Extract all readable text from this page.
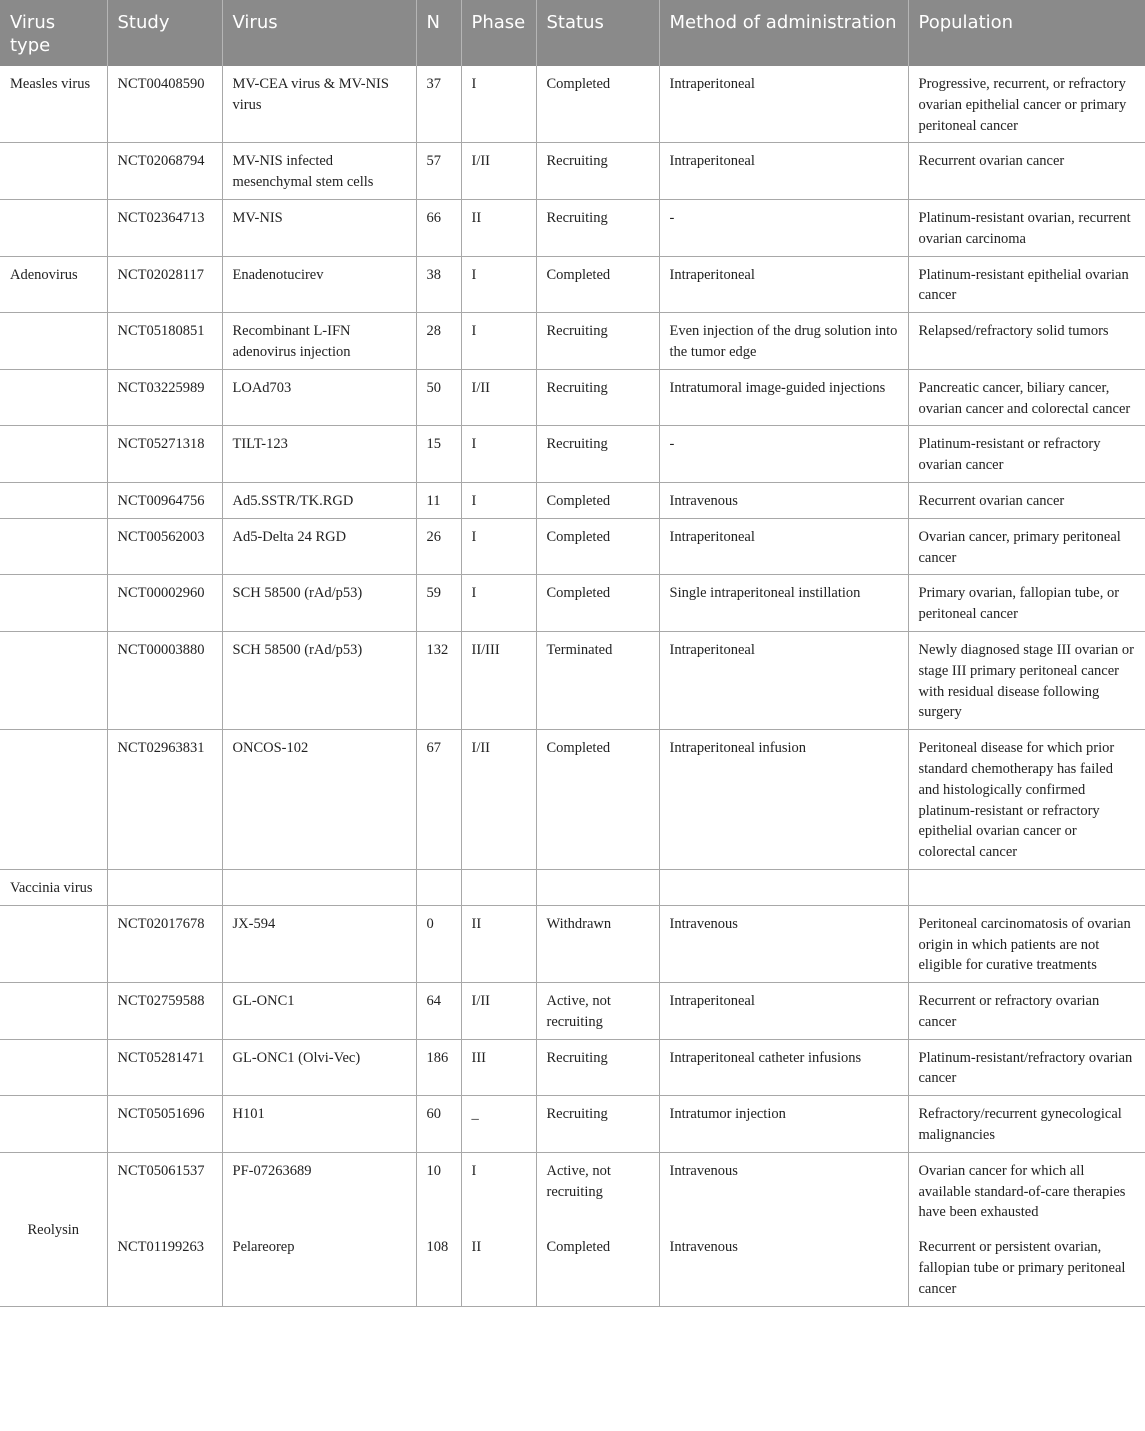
Virus type	Study	Virus	N	Phase	Status	Method of administration	Population
Measles virus	NCT00408590	MV-CEA virus & MV-NIS virus	37	I	Completed	Intraperitoneal	Progressive, recurrent, or refractory ovarian epithelial cancer or primary peritoneal cancer
	NCT02068794	MV-NIS infected mesenchymal stem cells	57	I/II	Recruiting	Intraperitoneal	Recurrent ovarian cancer
	NCT02364713	MV-NIS	66	II	Recruiting	-	Platinum-resistant ovarian, recurrent ovarian carcinoma
Adenovirus	NCT02028117	Enadenotucirev	38	I	Completed	Intraperitoneal	Platinum-resistant epithelial ovarian cancer
	NCT05180851	Recombinant L-IFN adenovirus injection	28	I	Recruiting	Even injection of the drug solution into the tumor edge	Relapsed/refractory solid tumors
	NCT03225989	LOAd703	50	I/II	Recruiting	Intratumoral image-guided injections	Pancreatic cancer, biliary cancer, ovarian cancer and colorectal cancer
	NCT05271318	TILT-123	15	I	Recruiting	-	Platinum-resistant or refractory ovarian cancer
	NCT00964756	Ad5.SSTR/TK.RGD	11	I	Completed	Intravenous	Recurrent ovarian cancer
	NCT00562003	Ad5-Delta 24 RGD	26	I	Completed	Intraperitoneal	Ovarian cancer, primary peritoneal cancer
	NCT00002960	SCH 58500 (rAd/p53)	59	I	Completed	Single intraperitoneal instillation	Primary ovarian, fallopian tube, or peritoneal cancer
	NCT00003880	SCH 58500 (rAd/p53)	132	II/III	Terminated	Intraperitoneal	Newly diagnosed stage III ovarian or stage III primary peritoneal cancer with residual disease following surgery
	NCT02963831	ONCOS-102	67	I/II	Completed	Intraperitoneal infusion	Peritoneal disease for which prior standard chemotherapy has failed and histologically confirmed platinum-resistant or refractory epithelial ovarian cancer or colorectal cancer
Vaccinia virus							
	NCT02017678	JX-594	0	II	Withdrawn	Intravenous	Peritoneal carcinomatosis of ovarian origin in which patients are not eligible for curative treatments
	NCT02759588	GL-ONC1	64	I/II	Active, not recruiting	Intraperitoneal	Recurrent or refractory ovarian cancer
	NCT05281471	GL-ONC1 (Olvi-Vec)	186	III	Recruiting	Intraperitoneal catheter infusions	Platinum-resistant/refractory ovarian cancer
	NCT05051696	H101	60	_	Recruiting	Intratumor injection	Refractory/recurrent gynecological malignancies
Reolysin	NCT05061537	PF-07263689	10	I	Active, not recruiting	Intravenous	Ovarian cancer for which all available standard-of-care therapies have been exhausted
	NCT01199263	Pelareorep	108	II	Completed	Intravenous	Recurrent or persistent ovarian, fallopian tube or primary peritoneal cancer
